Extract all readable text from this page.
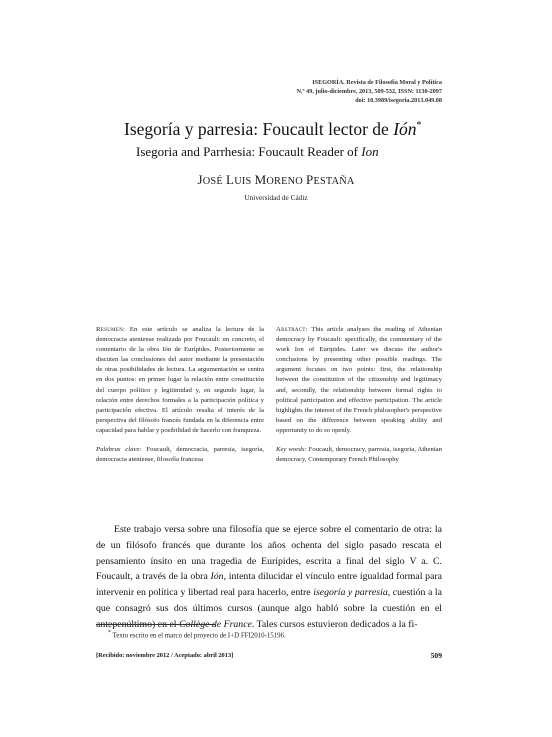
ISEGORÍA. Revista de Filosofía Moral y Política
N.º 49, julio-diciembre, 2013, 509-532, ISSN: 1130-2097
doi: 10.3989/isegoria.2013.049.08
Isegoría y parresia: Foucault lector de Ión*
Isegoria and Parrhesia: Foucault Reader of Ion
JOSÉ LUIS MORENO PESTAÑA
Universidad de Cádiz

Resumen: En este artículo se analiza la lectura de la democracia ateniense realizada por Foucault: en concreto, el comentario de la obra Ión de Eurípides. Posteriormente se discuten las conclusiones del autor mediante la presentación de otras posibilidades de lectura. La argumentación se centra en dos puntos: en primer lugar la relación entre constitución del cuerpo político y legitimidad y, en segundo lugar, la relación entre derechos formales a la participación política y participación efectiva. El artículo resalta el interés de la perspectiva del filósofo francés fundada en la diferencia entre capacidad para hablar y posibilidad de hacerlo con franqueza.

Palabras clave: Foucault, democracia, parresia, isegoría, democracia ateniense, filosofía francesa

Abstract: This article analyses the reading of Athenian democracy by Foucault: specifically, the commentary of the work Ion of Euripides. Later we discuss the author's conclusions by presenting other possible readings. The argument focuses on two points: first, the relationship between the constitution of the citizenship and legitimacy and, secondly, the relationship between formal rights to political participation and effective participation. The article highlights the interest of the French philosopher's perspective based on the difference between speaking ability and opportunity to do so openly.

Key words: Foucault, democracy, parresia, isegoria, Athenian democracy, Contemporary French Philosophy

Este trabajo versa sobre una filosofía que se ejerce sobre el comentario de otra: la de un filósofo francés que durante los años ochenta del siglo pasado rescata el pensamiento ínsito en una tragedia de Eurípides, escrita a final del siglo V a. C. Foucault, a través de la obra Ión, intenta dilucidar el vínculo entre igualdad formal para intervenir en política y libertad real para hacerlo, entre isegoría y parresia, cuestión a la que consagró sus dos últimos cursos (aunque algo habló sobre la cuestión en el antepenúltimo) en el Collège de France. Tales cursos estuvieron dedicados a la fi-

* Texto escrito en el marco del proyecto de I+D FFI2010-15196.
[Recibido: noviembre 2012 / Aceptado: abril 2013]	509
